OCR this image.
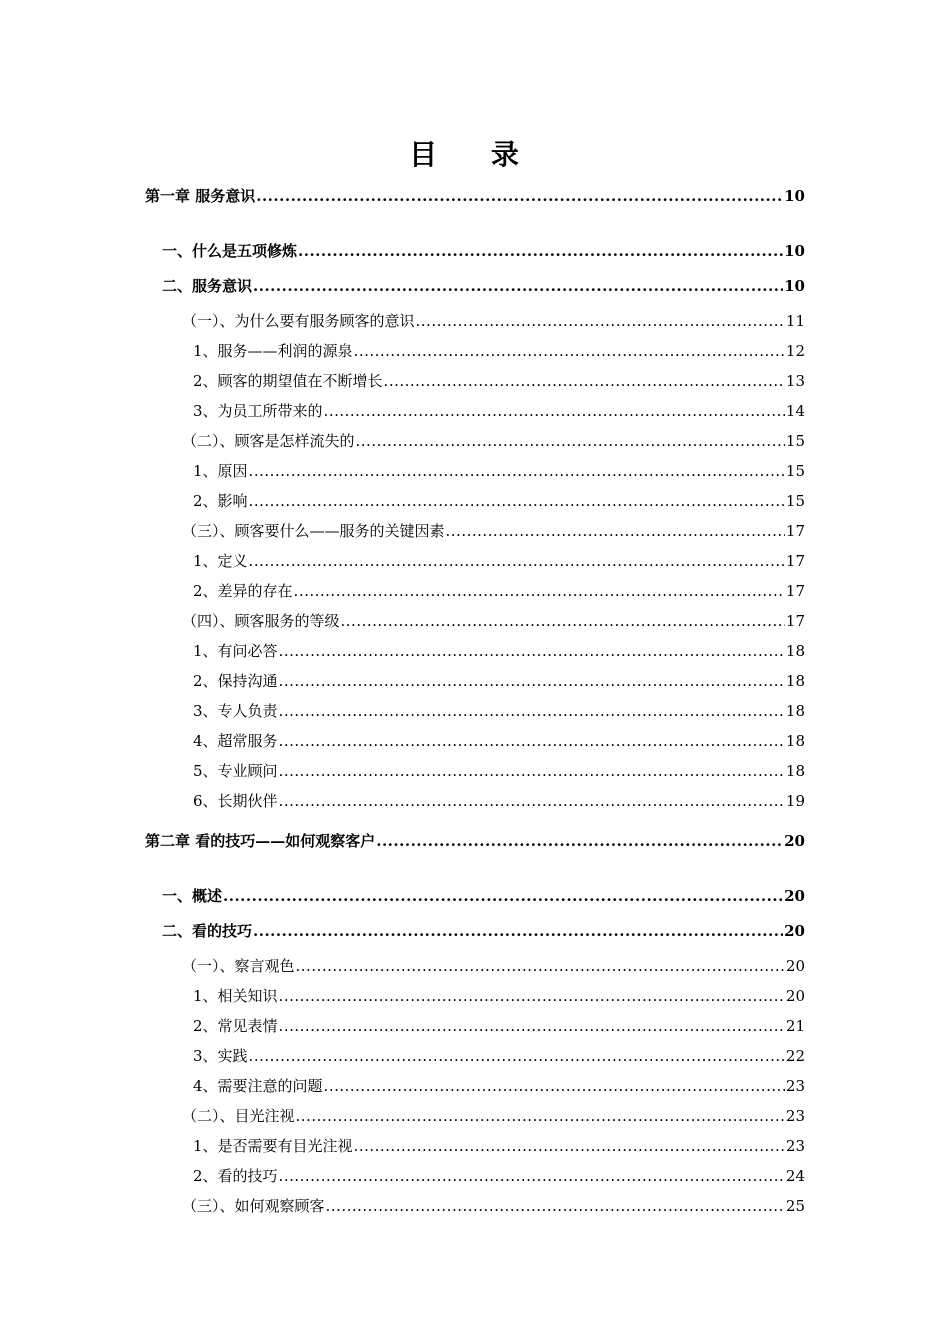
目 录
第一章 服务意识 .....	10
一、什么是五项修炼 .....	10
二、服务意识 .....	10
（一）、为什么要有服务顾客的意识 .....	11
1、服务——利润的源泉 .....	12
2、顾客的期望值在不断增长 .....	13
3、为员工所带来的 .....	14
（二）、顾客是怎样流失的 .....	15
1、原因 .....	15
2、影响 .....	15
（三）、顾客要什么——服务的关键因素 .....	17
1、定义 .....	17
2、差异的存在 .....	17
（四）、顾客服务的等级 .....	17
1、有问必答 .....	18
2、保持沟通 .....	18
3、专人负责 .....	18
4、超常服务 .....	18
5、专业顾问 .....	18
6、长期伙伴 .....	19
第二章 看的技巧——如何观察客户 .....	20
一、概述 .....	20
二、看的技巧 .....	20
（一）、察言观色 .....	20
1、相关知识 .....	20
2、常见表情 .....	21
3、实践 .....	22
4、需要注意的问题 .....	23
（二）、目光注视 .....	23
1、是否需要有目光注视 .....	23
2、看的技巧 .....	24
（三）、如何观察顾客 .....	25
